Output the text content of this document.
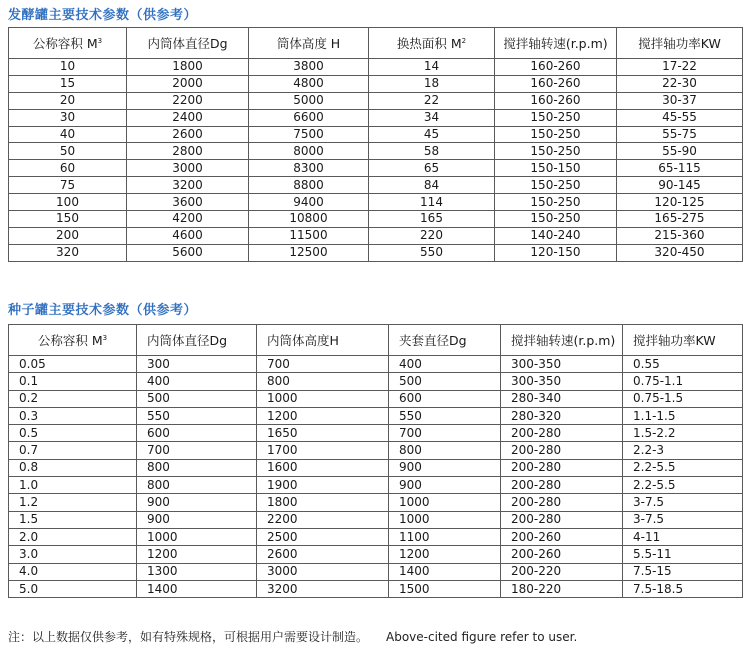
发酵罐主要技术参数（供参考）
公称容积 $M^3$	内筒体直径Dg	筒体高度 H	换热面积 $M^2$	搅拌轴转速(r.p.m)	搅拌轴功率KW
10	1800	3800	14	160-260	17-22
15	2000	4800	18	160-260	22-30
20	2200	5000	22	160-260	30-37
30	2400	6600	34	150-250	45-55
40	2600	7500	45	150-250	55-75
50	2800	8000	58	150-250	55-90
60	3000	8300	65	150-150	65-115
75	3200	8800	84	150-250	90-145
100	3600	9400	114	150-250	120-125
150	4200	10800	165	150-250	165-275
200	4600	11500	220	140-240	215-360
320	5600	12500	550	120-150	320-450
种子罐主要技术参数（供参考）
公称容积 $M^3$	内筒体直径Dg	内筒体高度H	夹套直径Dg	搅拌轴转速(r.p.m)	搅拌轴功率KW
0.05	300	700	400	300-350	0.55
0.1	400	800	500	300-350	0.75-1.1
0.2	500	1000	600	280-340	0.75-1.5
0.3	550	1200	550	280-320	1.1-1.5
0.5	600	1650	700	200-280	1.5-2.2
0.7	700	1700	800	200-280	2.2-3
0.8	800	1600	900	200-280	2.2-5.5
1.0	800	1900	900	200-280	2.2-5.5
1.2	900	1800	1000	200-280	3-7.5
1.5	900	2200	1000	200-280	3-7.5
2.0	1000	2500	1100	200-260	4-11
3.0	1200	2600	1200	200-260	5.5-11
4.0	1300	3000	1400	200-220	7.5-15
5.0	1400	3200	1500	180-220	7.5-18.5
注：以上数据仅供参考，如有特殊规格，可根据用户需要设计制造。 Above-cited figure refer to user.
